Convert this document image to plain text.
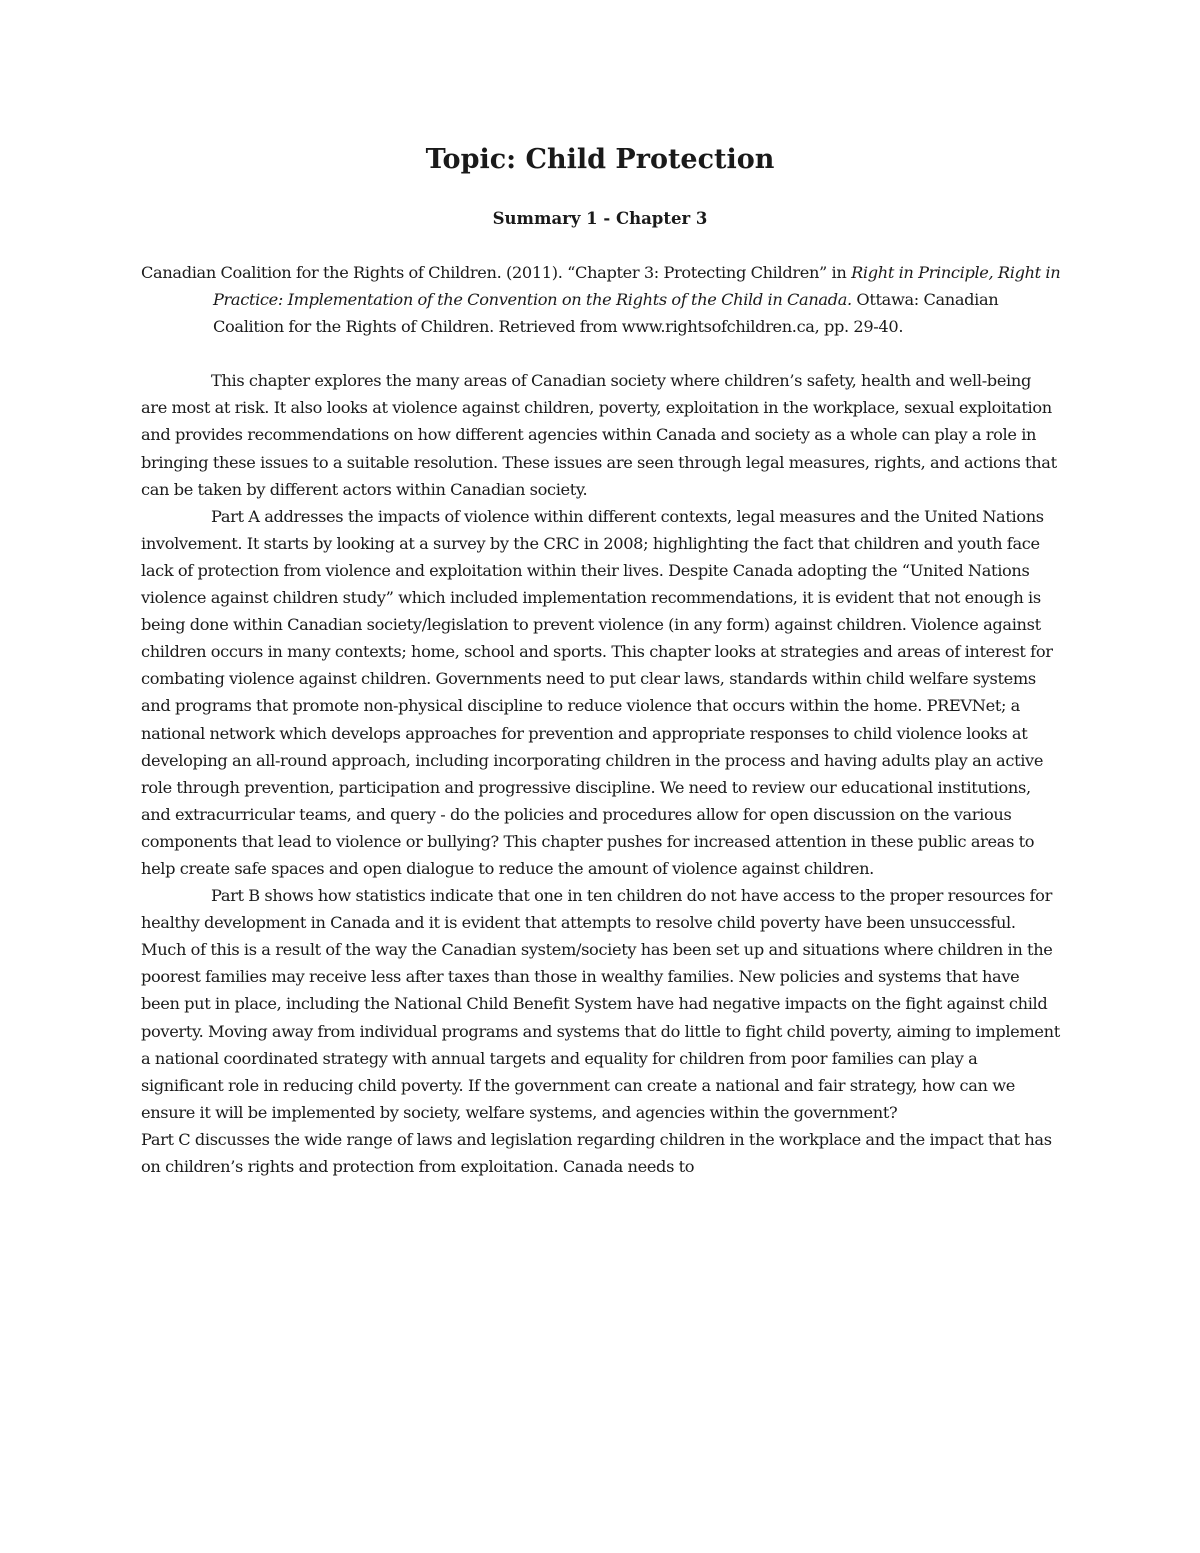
Topic: Child Protection
Summary 1 - Chapter 3

Canadian Coalition for the Rights of Children. (2011). “Chapter 3: Protecting Children” in Right in Principle, Right in Practice: Implementation of the Convention on the Rights of the Child in Canada. Ottawa: Canadian Coalition for the Rights of Children. Retrieved from www.rightsofchildren.ca, pp. 29-40.

This chapter explores the many areas of Canadian society where children’s safety, health and well-being are most at risk. It also looks at violence against children, poverty, exploitation in the workplace, sexual exploitation and provides recommendations on how different agencies within Canada and society as a whole can play a role in bringing these issues to a suitable resolution. These issues are seen through legal measures, rights, and actions that can be taken by different actors within Canadian society.

Part A addresses the impacts of violence within different contexts, legal measures and the United Nations involvement. It starts by looking at a survey by the CRC in 2008; highlighting the fact that children and youth face lack of protection from violence and exploitation within their lives. Despite Canada adopting the “United Nations violence against children study” which included implementation recommendations, it is evident that not enough is being done within Canadian society/legislation to prevent violence (in any form) against children. Violence against children occurs in many contexts; home, school and sports. This chapter looks at strategies and areas of interest for combating violence against children. Governments need to put clear laws, standards within child welfare systems and programs that promote non-physical discipline to reduce violence that occurs within the home. PREVNet; a national network which develops approaches for prevention and appropriate responses to child violence looks at developing an all-round approach, including incorporating children in the process and having adults play an active role through prevention, participation and progressive discipline. We need to review our educational institutions, and extracurricular teams, and query - do the policies and procedures allow for open discussion on the various components that lead to violence or bullying? This chapter pushes for increased attention in these public areas to help create safe spaces and open dialogue to reduce the amount of violence against children.

Part B shows how statistics indicate that one in ten children do not have access to the proper resources for healthy development in Canada and it is evident that attempts to resolve child poverty have been unsuccessful. Much of this is a result of the way the Canadian system/society has been set up and situations where children in the poorest families may receive less after taxes than those in wealthy families. New policies and systems that have been put in place, including the National Child Benefit System have had negative impacts on the fight against child poverty. Moving away from individual programs and systems that do little to fight child poverty, aiming to implement a national coordinated strategy with annual targets and equality for children from poor families can play a significant role in reducing child poverty. If the government can create a national and fair strategy, how can we ensure it will be implemented by society, welfare systems, and agencies within the government?

Part C discusses the wide range of laws and legislation regarding children in the workplace and the impact that has on children’s rights and protection from exploitation. Canada needs to
